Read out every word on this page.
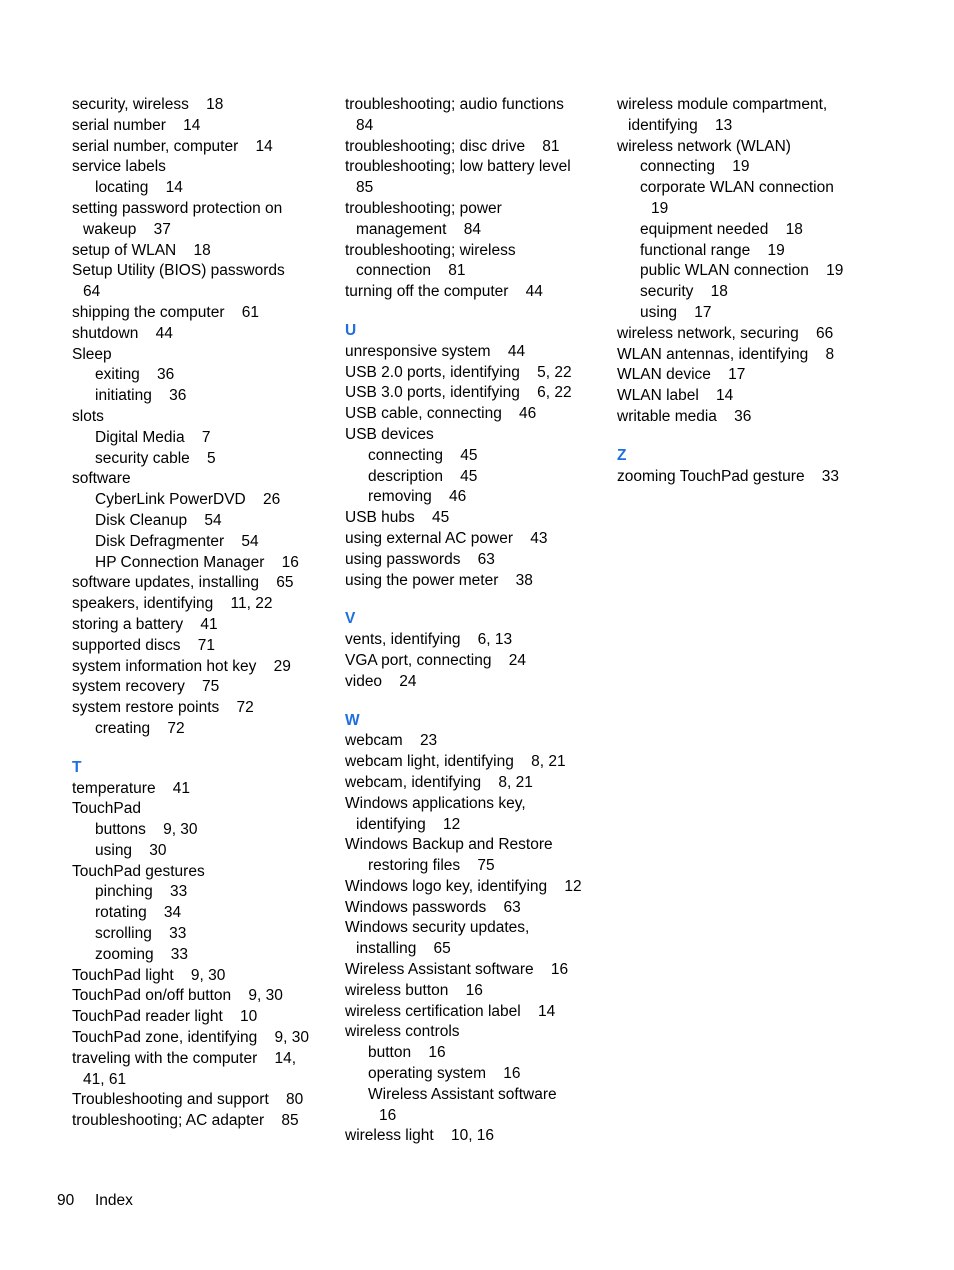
security, wireless    18
serial number    14
serial number, computer    14
service labels
locating    14
setting password protection on
wakeup    37
setup of WLAN    18
Setup Utility (BIOS) passwords
64
shipping the computer    61
shutdown    44
Sleep
exiting    36
initiating    36
slots
Digital Media    7
security cable    5
software
CyberLink PowerDVD    26
Disk Cleanup    54
Disk Defragmenter    54
HP Connection Manager    16
software updates, installing    65
speakers, identifying    11, 22
storing a battery    41
supported discs    71
system information hot key    29
system recovery    75
system restore points    72
creating    72
T
temperature    41
TouchPad
buttons    9, 30
using    30
TouchPad gestures
pinching    33
rotating    34
scrolling    33
zooming    33
TouchPad light    9, 30
TouchPad on/off button    9, 30
TouchPad reader light    10
TouchPad zone, identifying    9, 30
traveling with the computer    14,
41, 61
Troubleshooting and support    80
troubleshooting; AC adapter    85
troubleshooting; audio functions
84
troubleshooting; disc drive    81
troubleshooting; low battery level
85
troubleshooting; power
management    84
troubleshooting; wireless
connection    81
turning off the computer    44
U
unresponsive system    44
USB 2.0 ports, identifying    5, 22
USB 3.0 ports, identifying    6, 22
USB cable, connecting    46
USB devices
connecting    45
description    45
removing    46
USB hubs    45
using external AC power    43
using passwords    63
using the power meter    38
V
vents, identifying    6, 13
VGA port, connecting    24
video    24
W
webcam    23
webcam light, identifying    8, 21
webcam, identifying    8, 21
Windows applications key,
identifying    12
Windows Backup and Restore
restoring files    75
Windows logo key, identifying    12
Windows passwords    63
Windows security updates,
installing    65
Wireless Assistant software    16
wireless button    16
wireless certification label    14
wireless controls
button    16
operating system    16
Wireless Assistant software
16
wireless light    10, 16
wireless module compartment,
identifying    13
wireless network (WLAN)
connecting    19
corporate WLAN connection
19
equipment needed    18
functional range    19
public WLAN connection    19
security    18
using    17
wireless network, securing    66
WLAN antennas, identifying    8
WLAN device    17
WLAN label    14
writable media    36
Z
zooming TouchPad gesture    33
90 Index
